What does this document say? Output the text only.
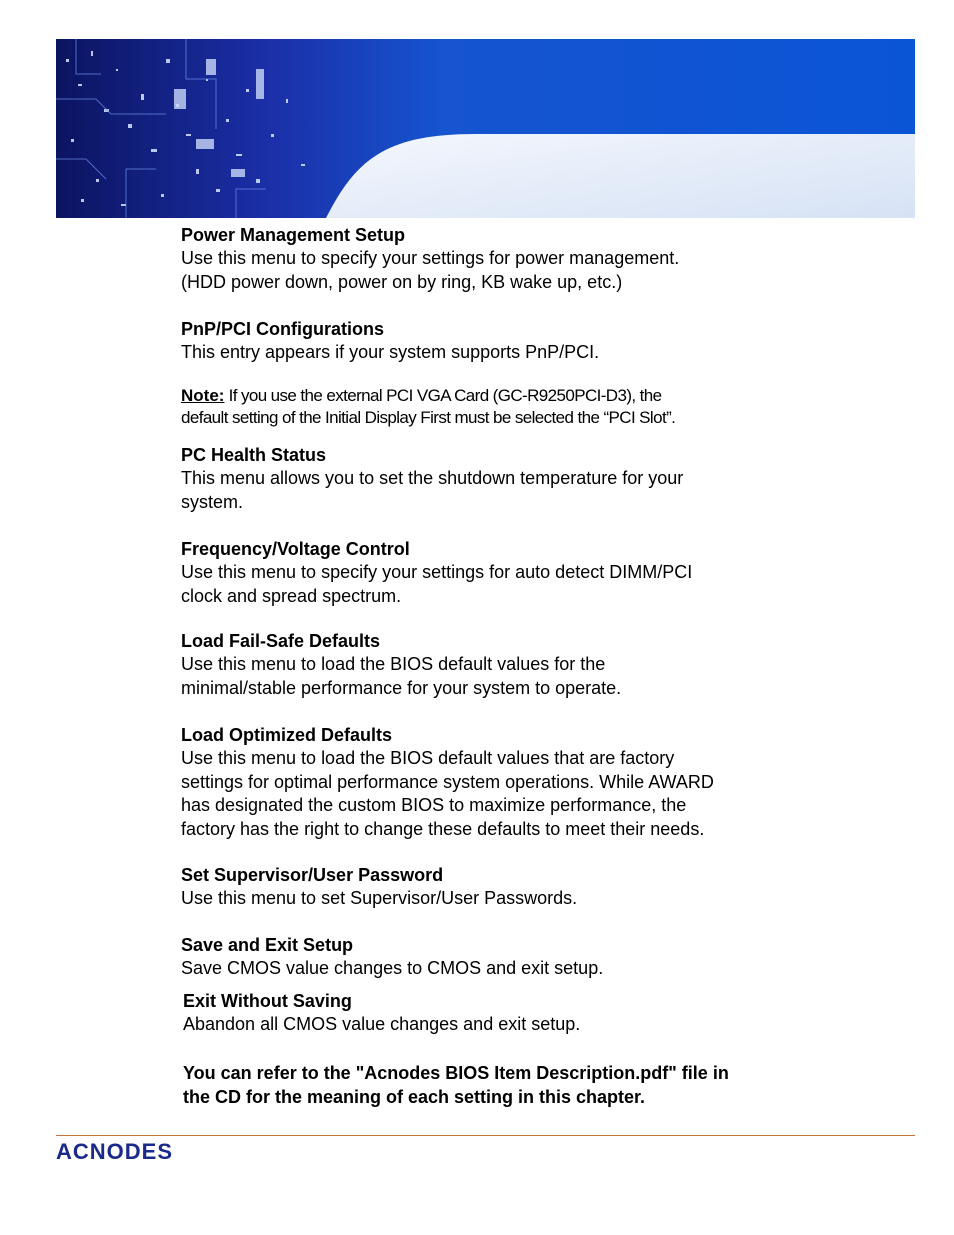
Power Management Setup

Use this menu to specify your settings for power management.
(HDD power down, power on by ring, KB wake up, etc.)

PnP/PCI Configurations

This entry appears if your system supports PnP/PCI.

Note: If you use the external PCI VGA Card (GC-R9250PCI-D3), the
default setting of the Initial Display First must be selected the “PCI Slot”.

PC Health Status

This menu allows you to set the shutdown temperature for your
system.

Frequency/Voltage Control

Use this menu to specify your settings for auto detect DIMM/PCI
clock and spread spectrum.

Load Fail-Safe Defaults

Use this menu to load the BIOS default values for the
minimal/stable performance for your system to operate.

Load Optimized Defaults

Use this menu to load the BIOS default values that are factory
settings for optimal performance system operations. While AWARD
has designated the custom BIOS to maximize performance, the
factory has the right to change these defaults to meet their needs.

Set Supervisor/User Password

Use this menu to set Supervisor/User Passwords.

Save and Exit Setup

Save CMOS value changes to CMOS and exit setup.

Exit Without Saving

Abandon all CMOS value changes and exit setup.

You can refer to the "Acnodes BIOS Item Description.pdf" file in
the CD for the meaning of each setting in this chapter.

ACNODES
